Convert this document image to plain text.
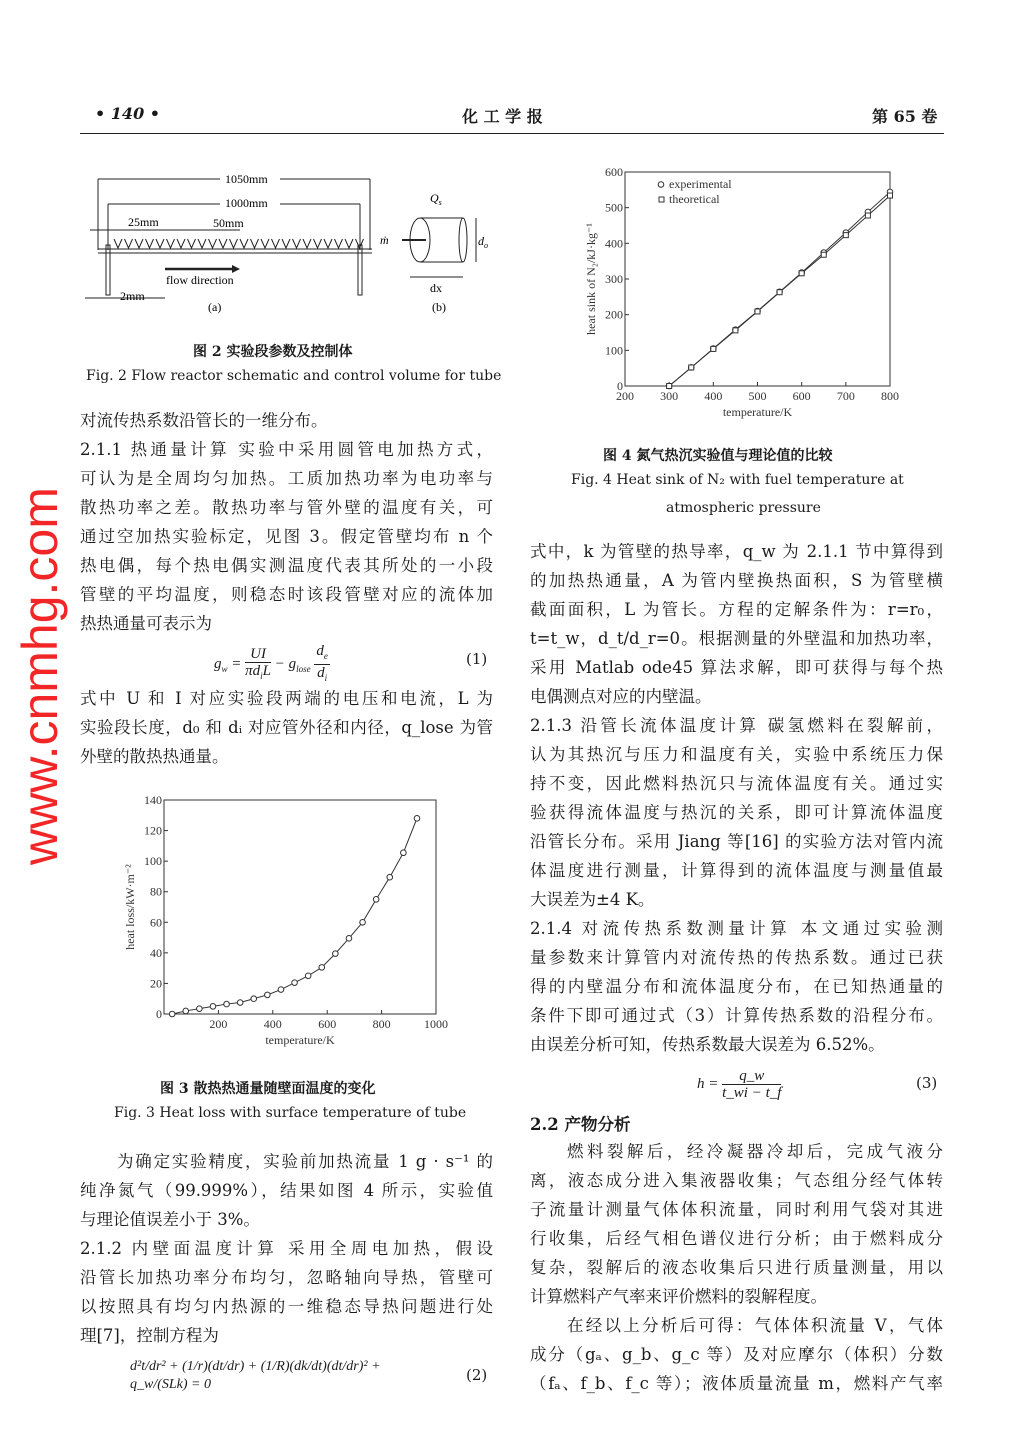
• 140 •	化 工 学 报	第 65 卷
1050mm
1000mm
25mm	50mm
2mm
flow direction
(a)	(b)
$Q_s$
ṁ	$d_o$
dx
图 2 实验段参数及控制体
Fig. 2 Flow reactor schematic and control volume for tube
200 300 400 500 600 700 800
0
100
200
300
400
500
600
temperature/K
heat sink of N₂/kJ·kg⁻¹
experimental
theoretical
图 4 氮气热沉实验值与理论值的比较
Fig. 4 Heat sink of N₂ with fuel temperature at
atmospheric pressure
200	400	600	800	1000
0
20
40
60
80
100
120
140
temperature/K
heat loss/kW·m⁻²
图 3 散热热通量随壁面温度的变化
Fig. 3 Heat loss with surface temperature of tube
对流传热系数沿管长的一维分布。
2.1.1 热通量计算 实验中采用圆管电加热方式，
可认为是全周均匀加热。工质加热功率为电功率与
散热功率之差。散热功率与管外壁的温度有关，可
通过空加热实验标定，见图 3。假定管壁均布 n 个
热电偶，每个热电偶实测温度代表其所处的一小段
管壁的平均温度，则稳态时该段管壁对应的流体加
热热通量可表示为
$g_w = \frac{UI}{\pi d_iL} - g_{lose} \frac{d_e}{d_i}$	(1)
式中 U 和 I 对应实验段两端的电压和电流，L 为
实验段长度，d₀ 和 dᵢ 对应管外径和内径，q_lose 为管
外壁的散热热通量。
为确定实验精度，实验前加热流量 1 g · s⁻¹ 的
纯净氮气（99.999%），结果如图 4 所示，实验值
与理论值误差小于 3%。
2.1.2 内壁面温度计算 采用全周电加热，假设
沿管长加热功率分布均匀，忽略轴向导热，管壁可
以按照具有均匀内热源的一维稳态导热问题进行处
理[7]，控制方程为
d²t/dr² + (1/r)(dt/dr) + (1/R)(dk/dt)(dt/dr)² + q_w/(SLk) = 0
(2)
式中，k 为管壁的热导率，q_w 为 2.1.1 节中算得到
的加热热通量，A 为管内壁换热面积，S 为管壁横
截面面积，L 为管长。方程的定解条件为：r=r₀，
t=t_w，d_t/d_r=0。根据测量的外壁温和加热功率，
采用 Matlab ode45 算法求解，即可获得与每个热
电偶测点对应的内壁温。
2.1.3 沿管长流体温度计算 碳氢燃料在裂解前，
认为其热沉与压力和温度有关，实验中系统压力保
持不变，因此燃料热沉只与流体温度有关。通过实
验获得流体温度与热沉的关系，即可计算流体温度
沿管长分布。采用 Jiang 等[16] 的实验方法对管内流
体温度进行测量，计算得到的流体温度与测量值最
大误差为±4 K。
2.1.4 对流传热系数测量计算 本文通过实验测
量参数来计算管内对流传热的传热系数。通过已获
得的内壁温分布和流体温度分布，在已知热通量的
条件下即可通过式（3）计算传热系数的沿程分布。
由误差分析可知，传热系数最大误差为 6.52%。
$h = \frac{q\_w}{t\_wi - t\_f}$	(3)
2.2 产物分析
燃料裂解后，经冷凝器冷却后，完成气液分
离，液态成分进入集液器收集；气态组分经气体转
子流量计测量气体体积流量，同时利用气袋对其进
行收集，后经气相色谱仪进行分析；由于燃料成分
复杂，裂解后的液态收集后只进行质量测量，用以
计算燃料产气率来评价燃料的裂解程度。
在经以上分析后可得：气体体积流量 V，气体
成分（gₐ、g_b、g_c 等）及对应摩尔（体积）分数
（fₐ、f_b、f_c 等）；液体质量流量 m，燃料产气率
www.cnmhg.com
